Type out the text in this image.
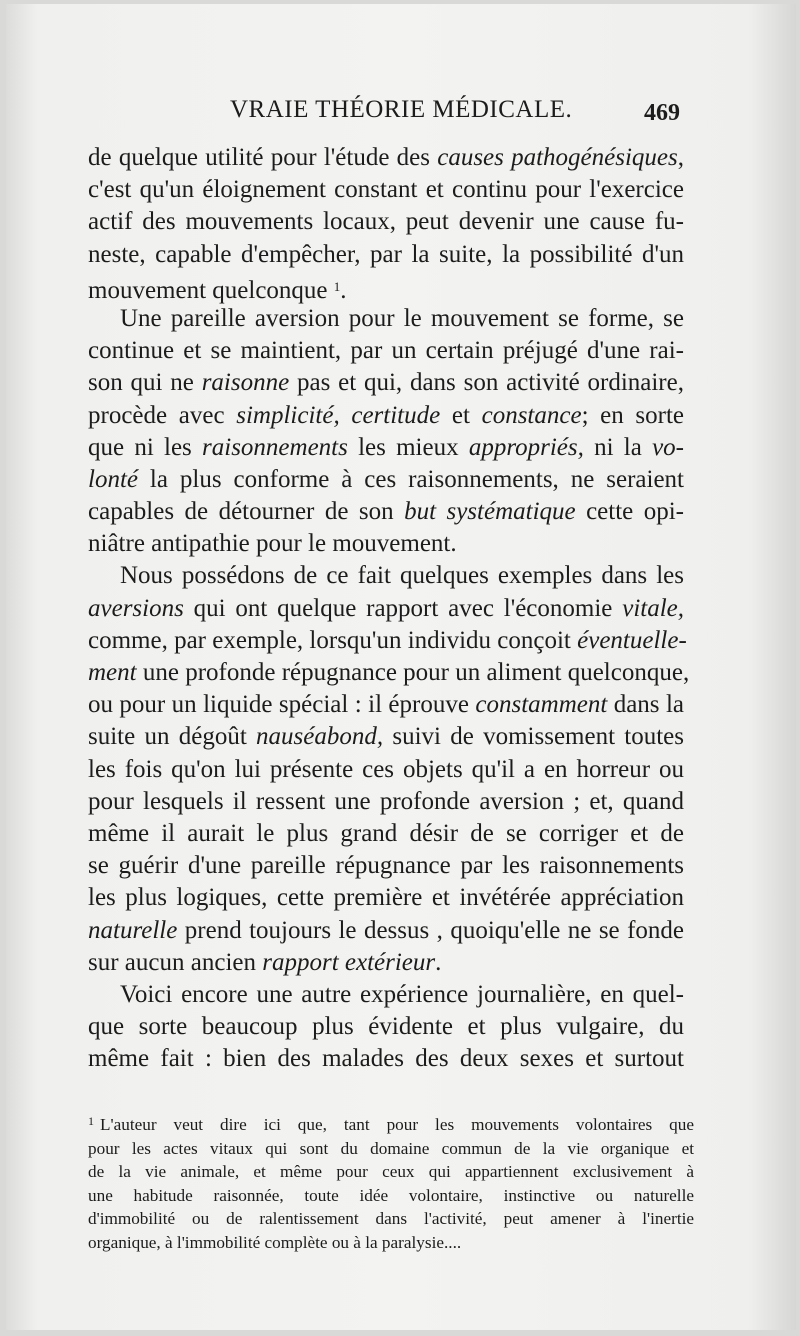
VRAIE THÉORIE MÉDICALE.	469
de quelque utilité pour l'étude des causes pathogénésiques,
c'est qu'un éloignement constant et continu pour l'exercice
actif des mouvements locaux, peut devenir une cause fu-
neste, capable d'empêcher, par la suite, la possibilité d'un
mouvement quelconque $^1$.
Une pareille aversion pour le mouvement se forme, se
continue et se maintient, par un certain préjugé d'une rai-
son qui ne raisonne pas et qui, dans son activité ordinaire,
procède avec simplicité, certitude et constance; en sorte
que ni les raisonnements les mieux appropriés, ni la vo-
lonté la plus conforme à ces raisonnements, ne seraient
capables de détourner de son but systématique cette opi-
niâtre antipathie pour le mouvement.
Nous possédons de ce fait quelques exemples dans les
aversions qui ont quelque rapport avec l'économie vitale,
comme, par exemple, lorsqu'un individu conçoit éventuelle-
ment une profonde répugnance pour un aliment quelconque,
ou pour un liquide spécial : il éprouve constamment dans la
suite un dégoût nauséabond, suivi de vomissement toutes
les fois qu'on lui présente ces objets qu'il a en horreur ou
pour lesquels il ressent une profonde aversion ; et, quand
même il aurait le plus grand désir de se corriger et de
se guérir d'une pareille répugnance par les raisonnements
les plus logiques, cette première et invétérée appréciation
naturelle prend toujours le dessus , quoiqu'elle ne se fonde
sur aucun ancien rapport extérieur.
Voici encore une autre expérience journalière, en quel-
que sorte beaucoup plus évidente et plus vulgaire, du
même fait : bien des malades des deux sexes et surtout
$^1$ L'auteur veut dire ici que, tant pour les mouvements volontaires que
pour les actes vitaux qui sont du domaine commun de la vie organique et
de la vie animale, et même pour ceux qui appartiennent exclusivement à
une habitude raisonnée, toute idée volontaire, instinctive ou naturelle
d'immobilité ou de ralentissement dans l'activité, peut amener à l'inertie
organique, à l'immobilité complète ou à la paralysie....
